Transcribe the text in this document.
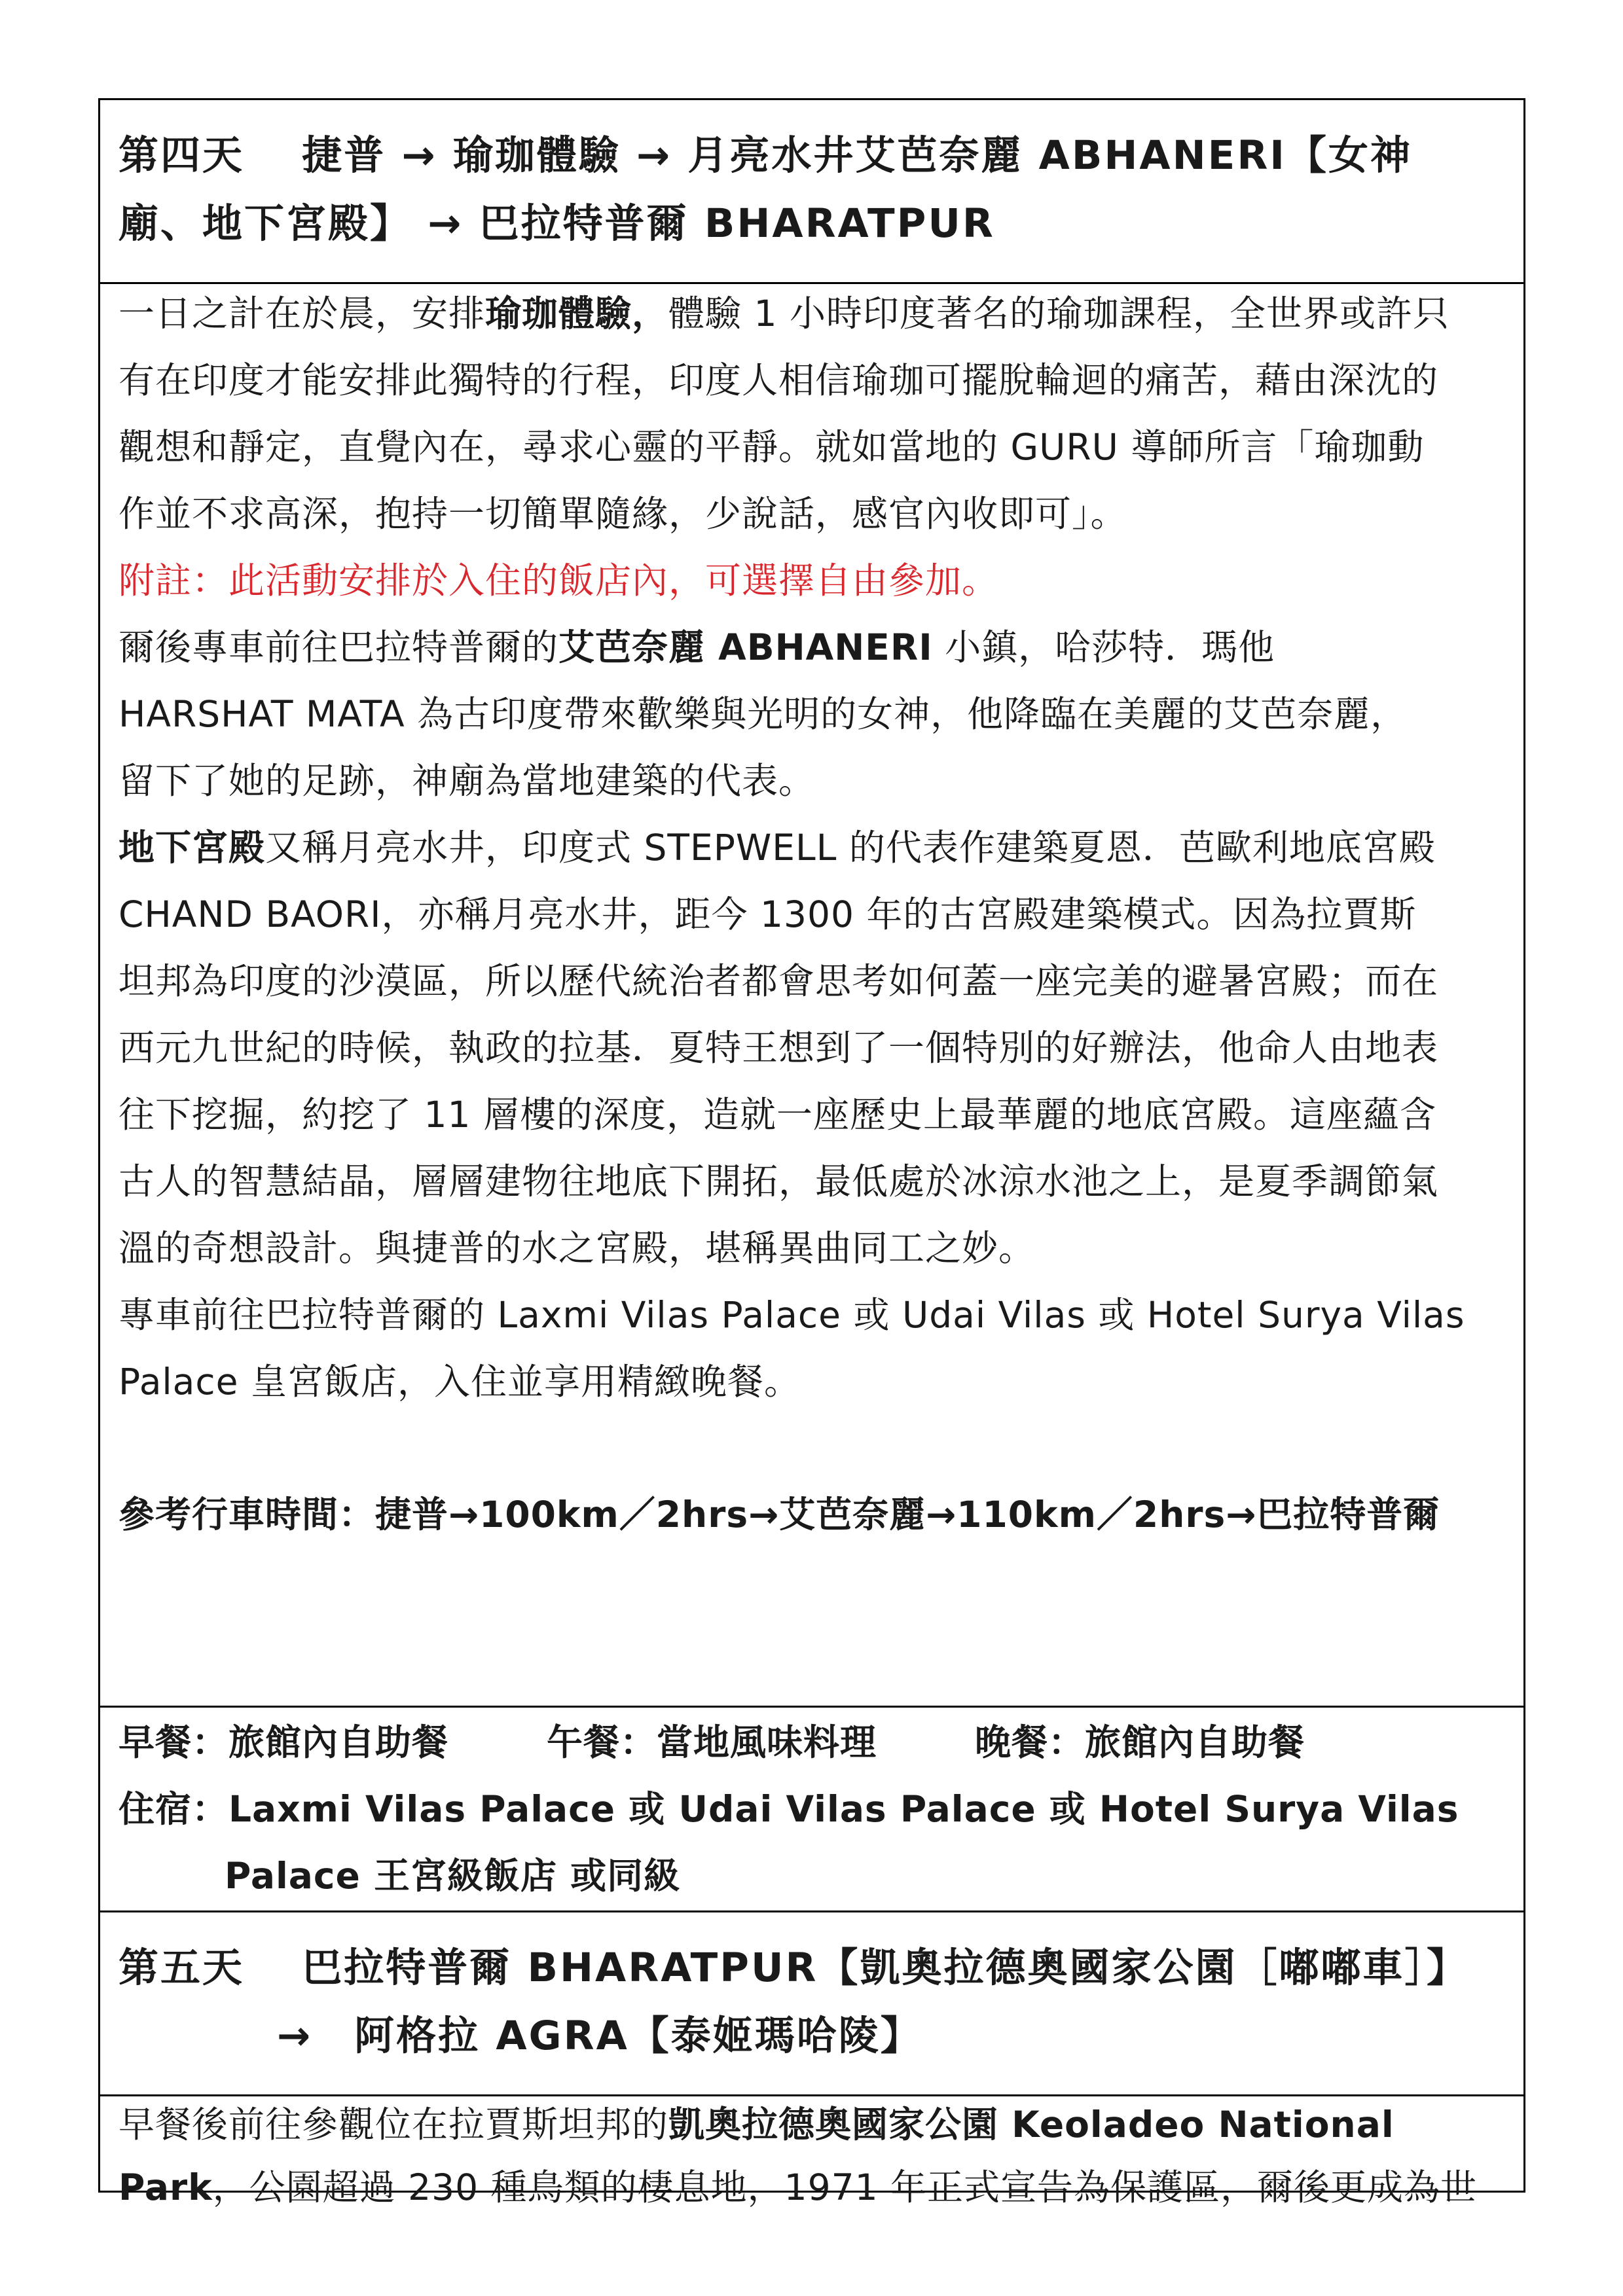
第四天　 捷普 → 瑜珈體驗 → 月亮水井艾芭奈麗 ABHANERI【女神
廟、地下宮殿】 → 巴拉特普爾 BHARATPUR
一日之計在於晨，安排瑜珈體驗，體驗 1 小時印度著名的瑜珈課程，全世界或許只
有在印度才能安排此獨特的行程，印度人相信瑜珈可擺脫輪迴的痛苦，藉由深沈的
觀想和靜定，直覺內在，尋求心靈的平靜。就如當地的 GURU 導師所言「瑜珈動
作並不求高深，抱持一切簡單隨緣，少說話，感官內收即可」。
附註：此活動安排於入住的飯店內，可選擇自由參加。
爾後專車前往巴拉特普爾的艾芭奈麗 ABHANERI 小鎮，哈莎特．瑪他
HARSHAT MATA 為古印度帶來歡樂與光明的女神，他降臨在美麗的艾芭奈麗，
留下了她的足跡，神廟為當地建築的代表。
地下宮殿又稱月亮水井，印度式 STEPWELL 的代表作建築夏恩．芭歐利地底宮殿
CHAND BAORI，亦稱月亮水井，距今 1300 年的古宮殿建築模式。因為拉賈斯
坦邦為印度的沙漠區，所以歷代統治者都會思考如何蓋一座完美的避暑宮殿；而在
西元九世紀的時候，執政的拉基．夏特王想到了一個特別的好辦法，他命人由地表
往下挖掘，約挖了 11 層樓的深度，造就一座歷史上最華麗的地底宮殿。這座蘊含
古人的智慧結晶，層層建物往地底下開拓，最低處於冰涼水池之上，是夏季調節氣
溫的奇想設計。與捷普的水之宮殿，堪稱異曲同工之妙。
專車前往巴拉特普爾的 Laxmi Vilas Palace 或 Udai Vilas 或 Hotel Surya Vilas
Palace 皇宮飯店，入住並享用精緻晚餐。
參考行車時間：捷普→100km／2hrs→艾芭奈麗→110km／2hrs→巴拉特普爾
早餐：旅館內自助餐	午餐：當地風味料理	晚餐：旅館內自助餐
住宿：Laxmi Vilas Palace 或 Udai Vilas Palace 或 Hotel Surya Vilas
Palace 王宮級飯店 或同級
第五天　 巴拉特普爾 BHARATPUR【凱奧拉德奧國家公園［嘟嘟車］】
→　阿格拉 AGRA【泰姬瑪哈陵】
早餐後前往參觀位在拉賈斯坦邦的凱奧拉德奧國家公園 Keoladeo National
Park，公園超過 230 種鳥類的棲息地，1971 年正式宣告為保護區，爾後更成為世
